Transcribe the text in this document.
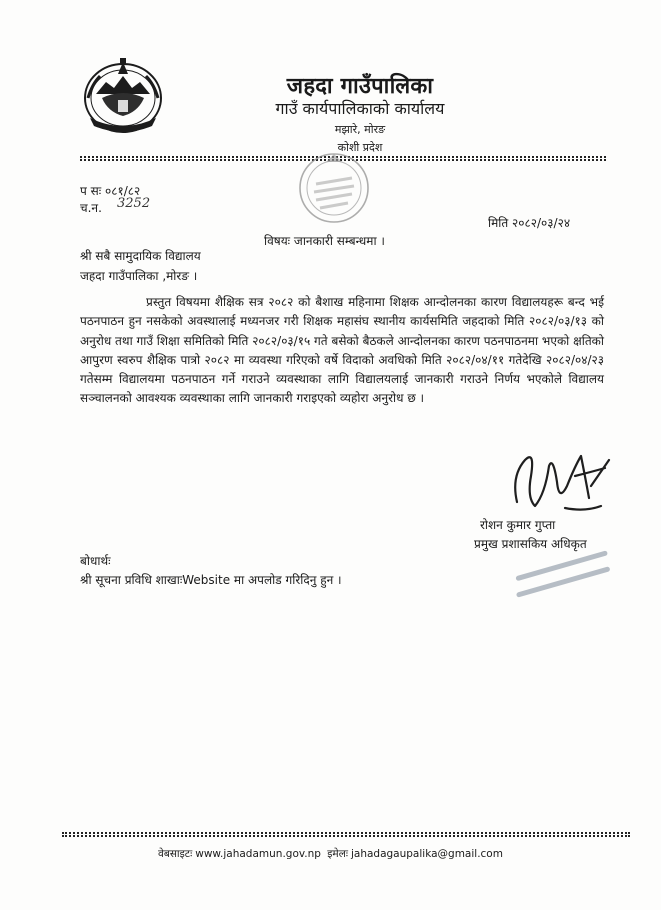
जहदा गाउँपालिका
गाउँ कार्यपालिकाको कार्यालय
मझारे, मोरङ
कोशी प्रदेश
प सः ०८१/८२
च.न. 3252
मिति २०८२/०३/२४
विषयः जानकारी सम्बन्धमा ।
श्री सबै सामुदायिक विद्यालय
जहदा गाउँपालिका ,मोरङ ।
प्रस्तुत विषयमा शैक्षिक सत्र २०८२ को बैशाख महिनामा शिक्षक आन्दोलनका कारण विद्यालयहरू बन्द भई पठनपाठन हुन नसकेको अवस्थालाई मध्यनजर गरी शिक्षक महासंघ स्थानीय कार्यसमिति जहदाको मिति २०८२/०३/१३ को अनुरोध तथा गाउँ शिक्षा समितिको मिति २०८२/०३/१५ गते बसेको बैठकले आन्दोलनका कारण पठनपाठनमा भएको क्षतिको आपुरण स्वरुप शैक्षिक पात्रो २०८२ मा व्यवस्था गरिएको वर्षे विदाको अवधिको मिति २०८२/०४/११ गतेदेखि २०८२/०४/२३ गतेसम्म विद्यालयमा पठनपाठन गर्ने गराउने व्यवस्थाका लागि विद्यालयलाई जानकारी गराउने निर्णय भएकोले विद्यालय सञ्चालनको आवश्यक व्यवस्थाका लागि जानकारी गराइएको व्यहोरा अनुरोध छ ।
रोशन कुमार गुप्ता
प्रमुख प्रशासकिय अधिकृत
बोधार्थः
श्री सूचना प्रविधि शाखाःWebsite मा अपलोड गरिदिनु हुन ।
वेबसाइटः www.jahadamun.gov.np इमेलः jahadagaupalika@gmail.com
